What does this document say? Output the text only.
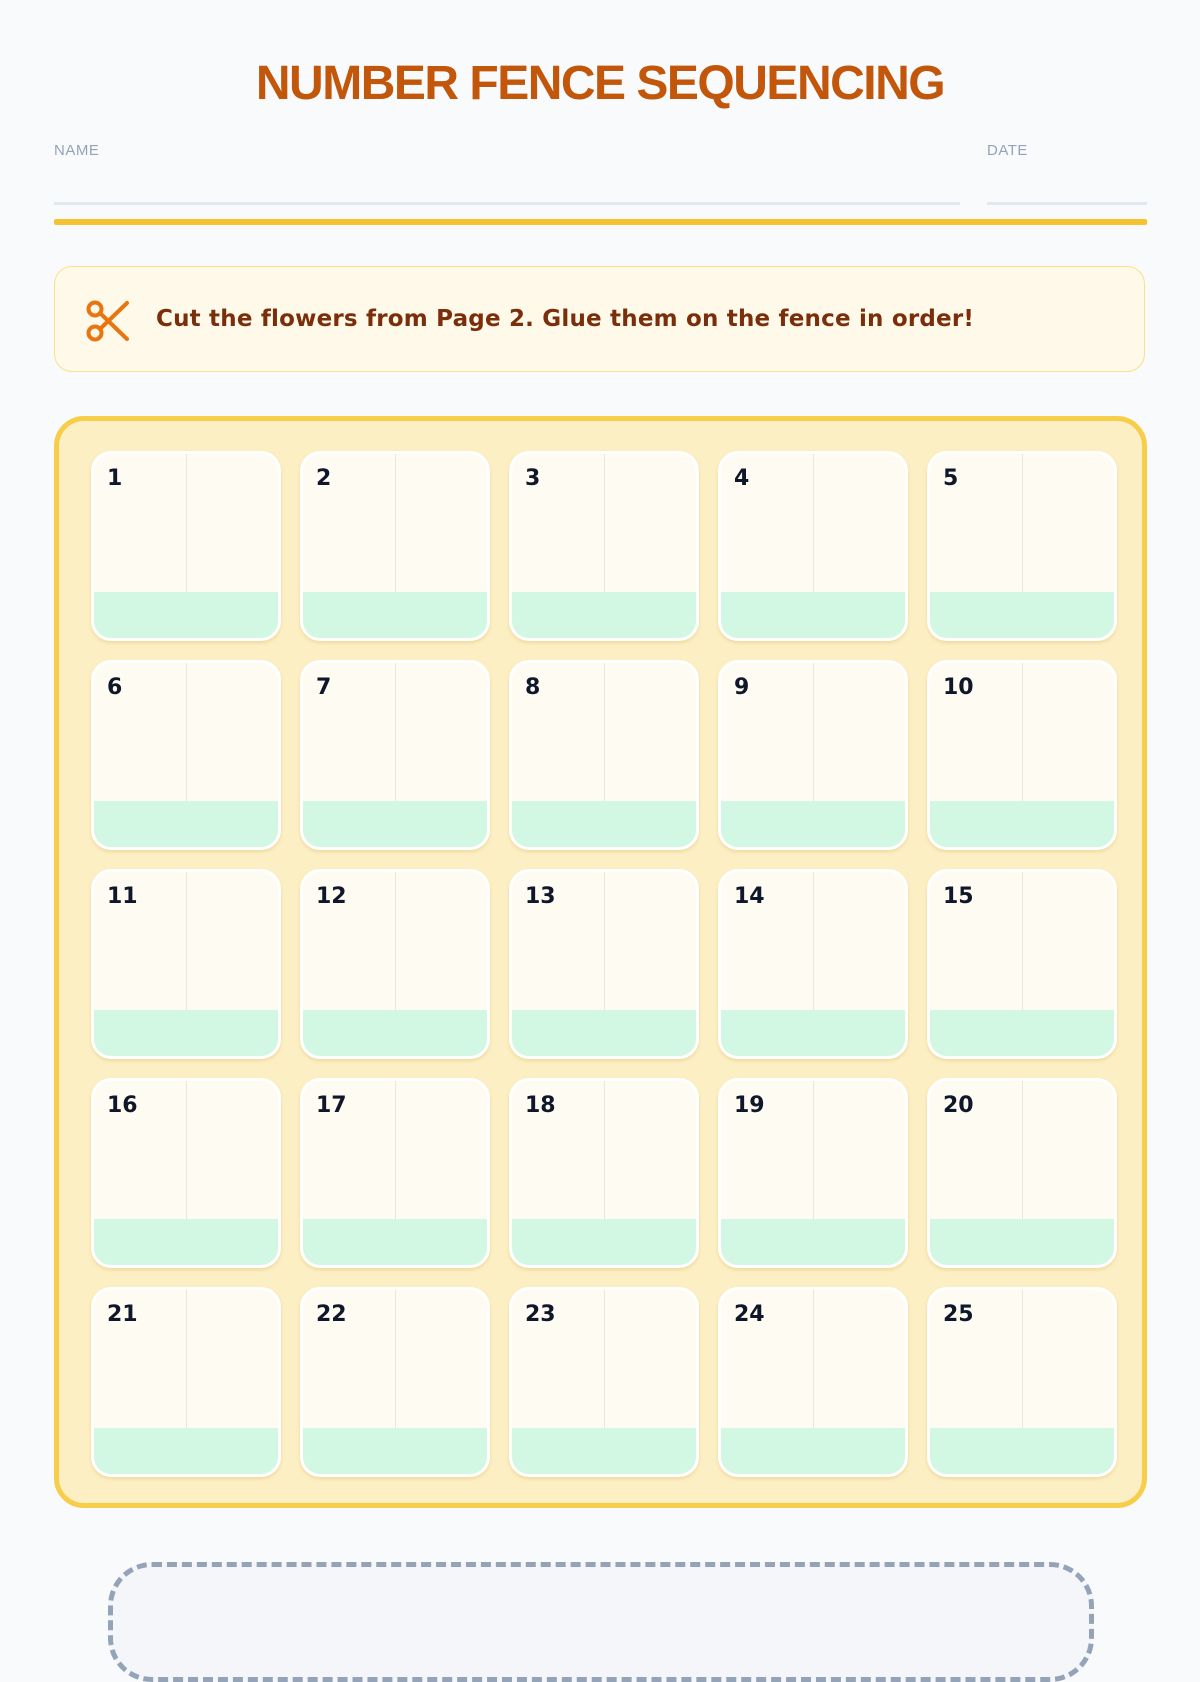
NUMBER FENCE SEQUENCING
NAME	DATE
Cut the flowers from Page 2. Glue them on the fence in order!
1	2	3	4	5
6	7	8	9	10
11	12	13	14	15
16	17	18	19	20
21	22	23	24	25
